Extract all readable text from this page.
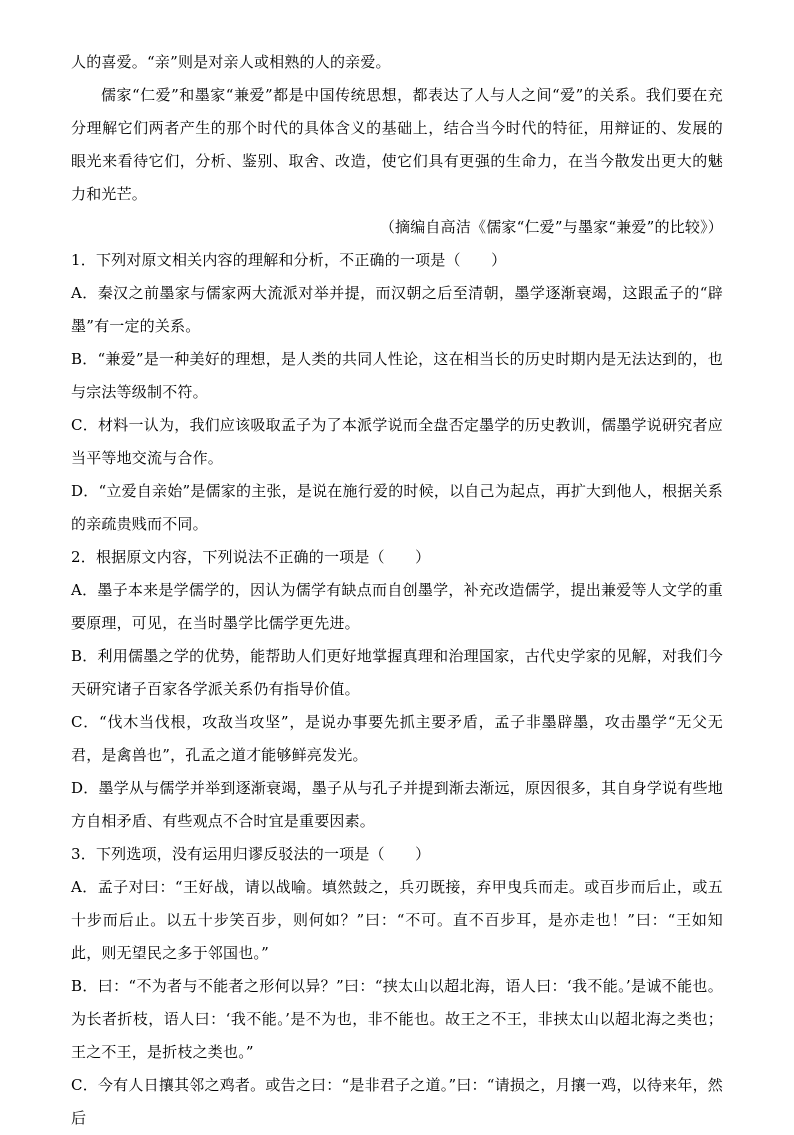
人的喜爱。“亲”则是对亲人或相熟的人的亲爱。

儒家“仁爱”和墨家“兼爱”都是中国传统思想，都表达了人与人之间“爱”的关系。我们要在充分理解它们两者产生的那个时代的具体含义的基础上，结合当今时代的特征，用辩证的、发展的眼光来看待它们，分析、鉴别、取舍、改造，使它们具有更强的生命力，在当今散发出更大的魅力和光芒。

（摘编自高洁《儒家“仁爱”与墨家“兼爱”的比较》）

1．下列对原文相关内容的理解和分析，不正确的一项是（　　）

A．秦汉之前墨家与儒家两大流派对举并提，而汉朝之后至清朝，墨学逐渐衰竭，这跟孟子的“辟墨”有一定的关系。

B．“兼爱”是一种美好的理想，是人类的共同人性论，这在相当长的历史时期内是无法达到的，也与宗法等级制不符。

C．材料一认为，我们应该吸取孟子为了本派学说而全盘否定墨学的历史教训，儒墨学说研究者应当平等地交流与合作。

D．“立爱自亲始”是儒家的主张，是说在施行爱的时候，以自己为起点，再扩大到他人，根据关系的亲疏贵贱而不同。

2．根据原文内容，下列说法不正确的一项是（　　）

A．墨子本来是学儒学的，因认为儒学有缺点而自创墨学，补充改造儒学，提出兼爱等人文学的重要原理，可见，在当时墨学比儒学更先进。

B．利用儒墨之学的优势，能帮助人们更好地掌握真理和治理国家，古代史学家的见解，对我们今天研究诸子百家各学派关系仍有指导价值。

C．“伐木当伐根，攻敌当攻坚”，是说办事要先抓主要矛盾，孟子非墨辟墨，攻击墨学“无父无君，是禽兽也”，孔孟之道才能够鲜亮发光。

D．墨学从与儒学并举到逐渐衰竭，墨子从与孔子并提到渐去渐远，原因很多，其自身学说有些地方自相矛盾、有些观点不合时宜是重要因素。

3．下列选项，没有运用归谬反驳法的一项是（　　）

A．孟子对曰：“王好战，请以战喻。填然鼓之，兵刃既接，弃甲曳兵而走。或百步而后止，或五十步而后止。以五十步笑百步，则何如？”曰：“不可。直不百步耳，是亦走也！”曰：“王如知此，则无望民之多于邻国也。”

B．曰：“不为者与不能者之形何以异？”曰：“挟太山以超北海，语人曰：‘我不能。’是诚不能也。为长者折枝，语人曰：‘我不能。’是不为也，非不能也。故王之不王，非挟太山以超北海之类也；王之不王，是折枝之类也。”

C．今有人日攘其邻之鸡者。或告之曰：“是非君子之道。”曰：“请损之，月攘一鸡，以待来年，然后
